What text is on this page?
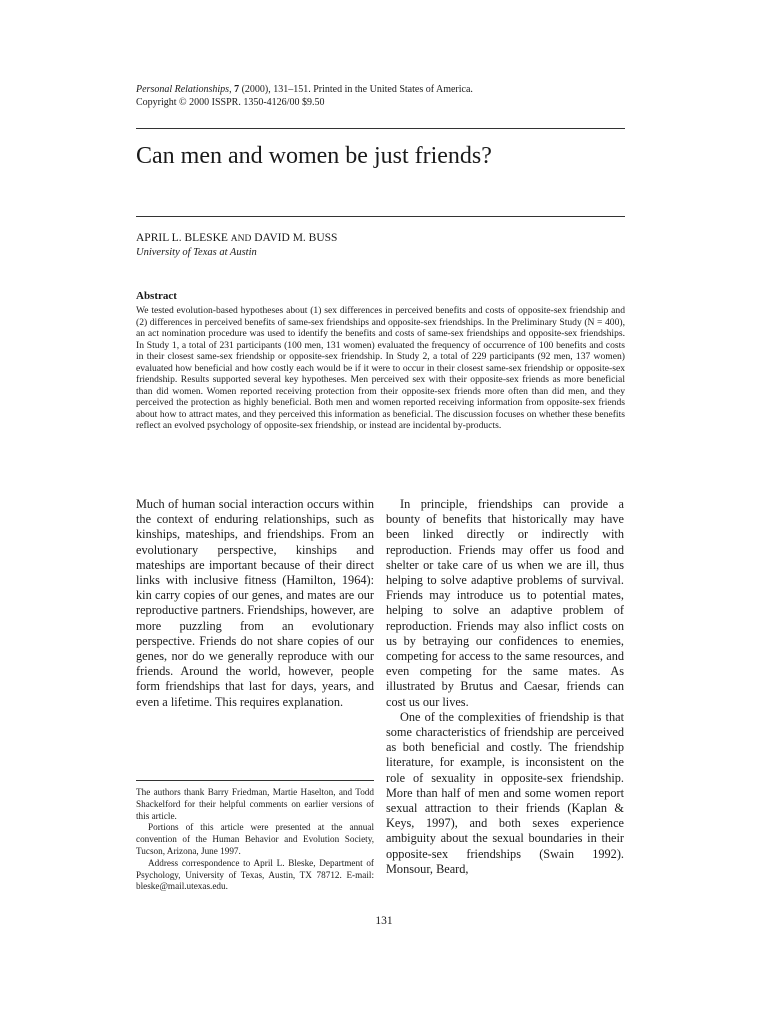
Personal Relationships, 7 (2000), 131–151. Printed in the United States of America.
Copyright © 2000 ISSPR. 1350-4126/00 $9.50
Can men and women be just friends?

APRIL L. BLESKE AND DAVID M. BUSS

University of Texas at Austin

Abstract

We tested evolution-based hypotheses about (1) sex differences in perceived benefits and costs of opposite-sex friendship and (2) differences in perceived benefits of same-sex friendships and opposite-sex friendships. In the Preliminary Study (N = 400), an act nomination procedure was used to identify the benefits and costs of same-sex friendships and opposite-sex friendships. In Study 1, a total of 231 participants (100 men, 131 women) evaluated the frequency of occurrence of 100 benefits and costs in their closest same-sex friendship or opposite-sex friendship. In Study 2, a total of 229 participants (92 men, 137 women) evaluated how beneficial and how costly each would be if it were to occur in their closest same-sex friendship or opposite-sex friendship. Results supported several key hypotheses. Men perceived sex with their opposite-sex friends as more beneficial than did women. Women reported receiving protection from their opposite-sex friends more often than did men, and they perceived the protection as highly beneficial. Both men and women reported receiving information from opposite-sex friends about how to attract mates, and they perceived this information as beneficial. The discussion focuses on whether these benefits reflect an evolved psychology of opposite-sex friendship, or instead are incidental by-products.

Much of human social interaction occurs within the context of enduring relationships, such as kinships, mateships, and friendships. From an evolutionary perspective, kinships and mateships are important because of their direct links with inclusive fitness (Hamilton, 1964): kin carry copies of our genes, and mates are our reproductive partners. Friendships, however, are more puzzling from an evolutionary perspective. Friends do not share copies of our genes, nor do we generally reproduce with our friends. Around the world, however, people form friendships that last for days, years, and even a lifetime. This requires explanation.

In principle, friendships can provide a bounty of benefits that historically may have been linked directly or indirectly with reproduction. Friends may offer us food and shelter or take care of us when we are ill, thus helping to solve adaptive problems of survival. Friends may introduce us to potential mates, helping to solve an adaptive problem of reproduction. Friends may also inflict costs on us by betraying our confidences to enemies, competing for access to the same resources, and even competing for the same mates. As illustrated by Brutus and Caesar, friends can cost us our lives.

One of the complexities of friendship is that some characteristics of friendship are perceived as both beneficial and costly. The friendship literature, for example, is inconsistent on the role of sexuality in opposite-sex friendship. More than half of men and some women report sexual attraction to their friends (Kaplan & Keys, 1997), and both sexes experience ambiguity about the sexual boundaries in their opposite-sex friendships (Swain 1992). Monsour, Beard,

The authors thank Barry Friedman, Martie Haselton, and Todd Shackelford for their helpful comments on earlier versions of this article.

Portions of this article were presented at the annual convention of the Human Behavior and Evolution Society, Tucson, Arizona, June 1997.

Address correspondence to April L. Bleske, Department of Psychology, University of Texas, Austin, TX 78712. E-mail: bleske@mail.utexas.edu.

131
